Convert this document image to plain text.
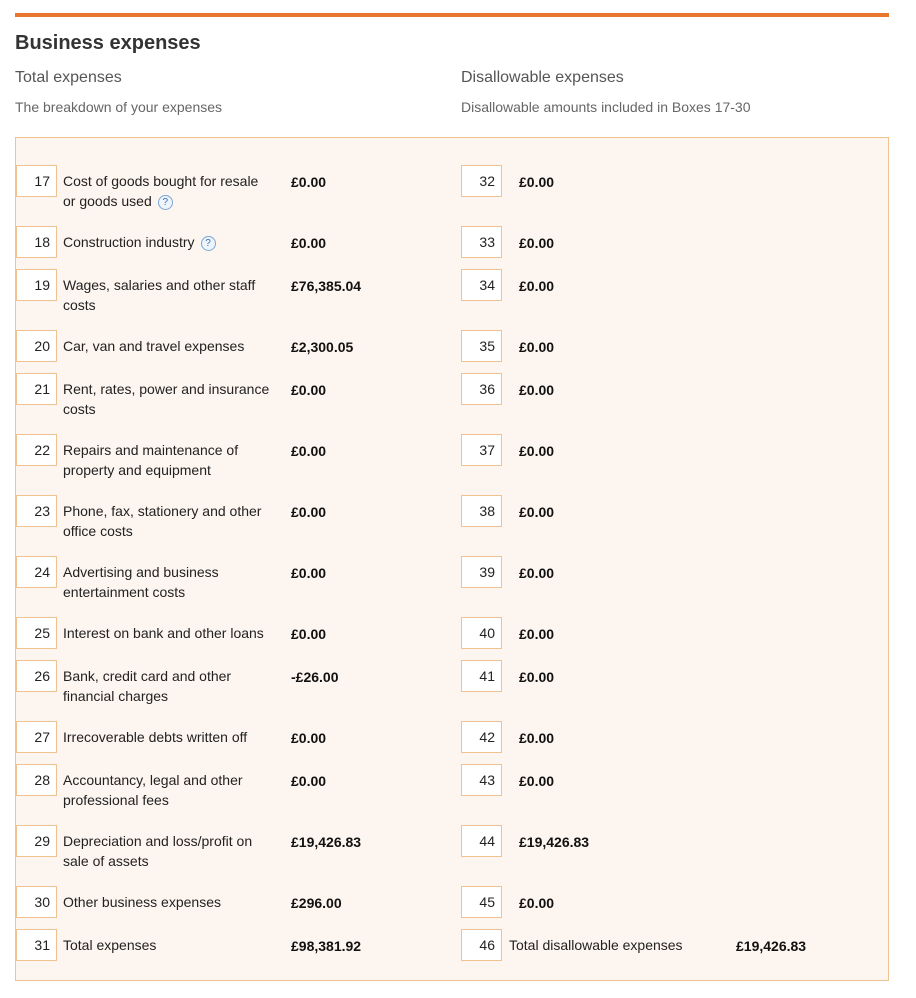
Business expenses
Total expenses
The breakdown of your expenses
Disallowable expenses
Disallowable amounts included in Boxes 17-30
17 Cost of goods bought for resale
or goods used ?
£0.00	32	£0.00
18 Construction industry ?	£0.00	33	£0.00
19 Wages, salaries and other staff
costs
£76,385.04	34	£0.00
20 Car, van and travel expenses	£2,300.05	35	£0.00
21 Rent, rates, power and insurance
costs
£0.00	36	£0.00
22 Repairs and maintenance of
property and equipment
£0.00	37	£0.00
23 Phone, fax, stationery and other
office costs
£0.00	38	£0.00
24 Advertising and business
entertainment costs
£0.00	39	£0.00
25 Interest on bank and other loans	£0.00	40	£0.00
26 Bank, credit card and other
financial charges
-£26.00	41	£0.00
27 Irrecoverable debts written off	£0.00	42	£0.00
28 Accountancy, legal and other
professional fees
£0.00	43	£0.00
29 Depreciation and loss/profit on
sale of assets
£19,426.83	44	£19,426.83
30 Other business expenses	£296.00	45	£0.00
31 Total expenses	£98,381.92	46	Total disallowable expenses	£19,426.83
